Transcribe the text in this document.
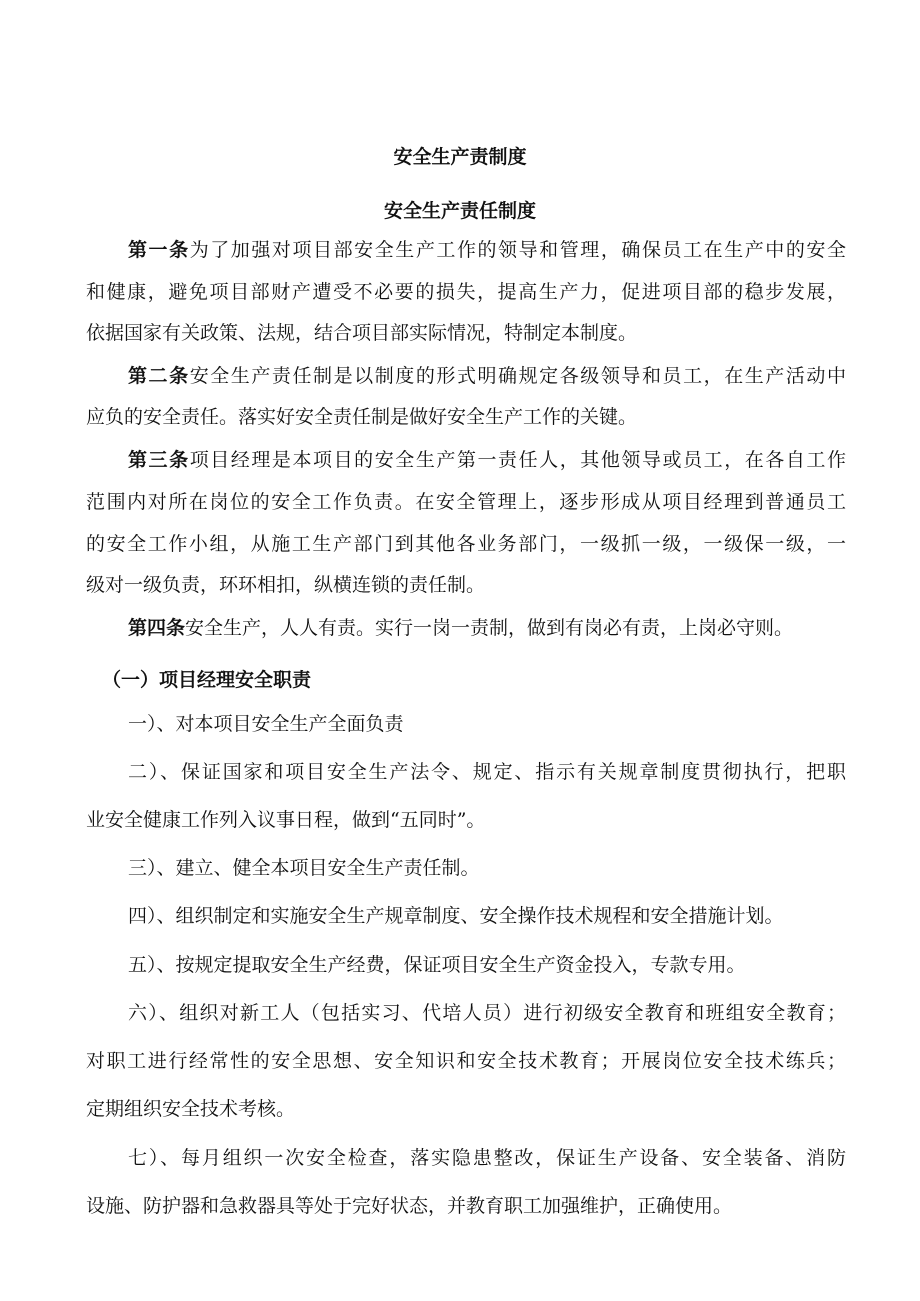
安全生产责制度
安全生产责任制度
第一条为了加强对项目部安全生产工作的领导和管理，确保员工在生产中的安全
和健康，避免项目部财产遭受不必要的损失，提高生产力，促进项目部的稳步发展，
依据国家有关政策、法规，结合项目部实际情况，特制定本制度。
第二条安全生产责任制是以制度的形式明确规定各级领导和员工，在生产活动中
应负的安全责任。落实好安全责任制是做好安全生产工作的关键。
第三条项目经理是本项目的安全生产第一责任人，其他领导或员工，在各自工作
范围内对所在岗位的安全工作负责。在安全管理上，逐步形成从项目经理到普通员工
的安全工作小组，从施工生产部门到其他各业务部门，一级抓一级，一级保一级，一
级对一级负责，环环相扣，纵横连锁的责任制。
第四条安全生产，人人有责。实行一岗一责制，做到有岗必有责，上岗必守则。
（一）项目经理安全职责
一）、对本项目安全生产全面负责
二）、保证国家和项目安全生产法令、规定、指示有关规章制度贯彻执行，把职
业安全健康工作列入议事日程，做到“五同时”。
三）、建立、健全本项目安全生产责任制。
四）、组织制定和实施安全生产规章制度、安全操作技术规程和安全措施计划。
五）、按规定提取安全生产经费，保证项目安全生产资金投入，专款专用。
六）、组织对新工人（包括实习、代培人员）进行初级安全教育和班组安全教育；
对职工进行经常性的安全思想、安全知识和安全技术教育；开展岗位安全技术练兵；
定期组织安全技术考核。
七）、每月组织一次安全检查，落实隐患整改，保证生产设备、安全装备、消防
设施、防护器和急救器具等处于完好状态，并教育职工加强维护，正确使用。
